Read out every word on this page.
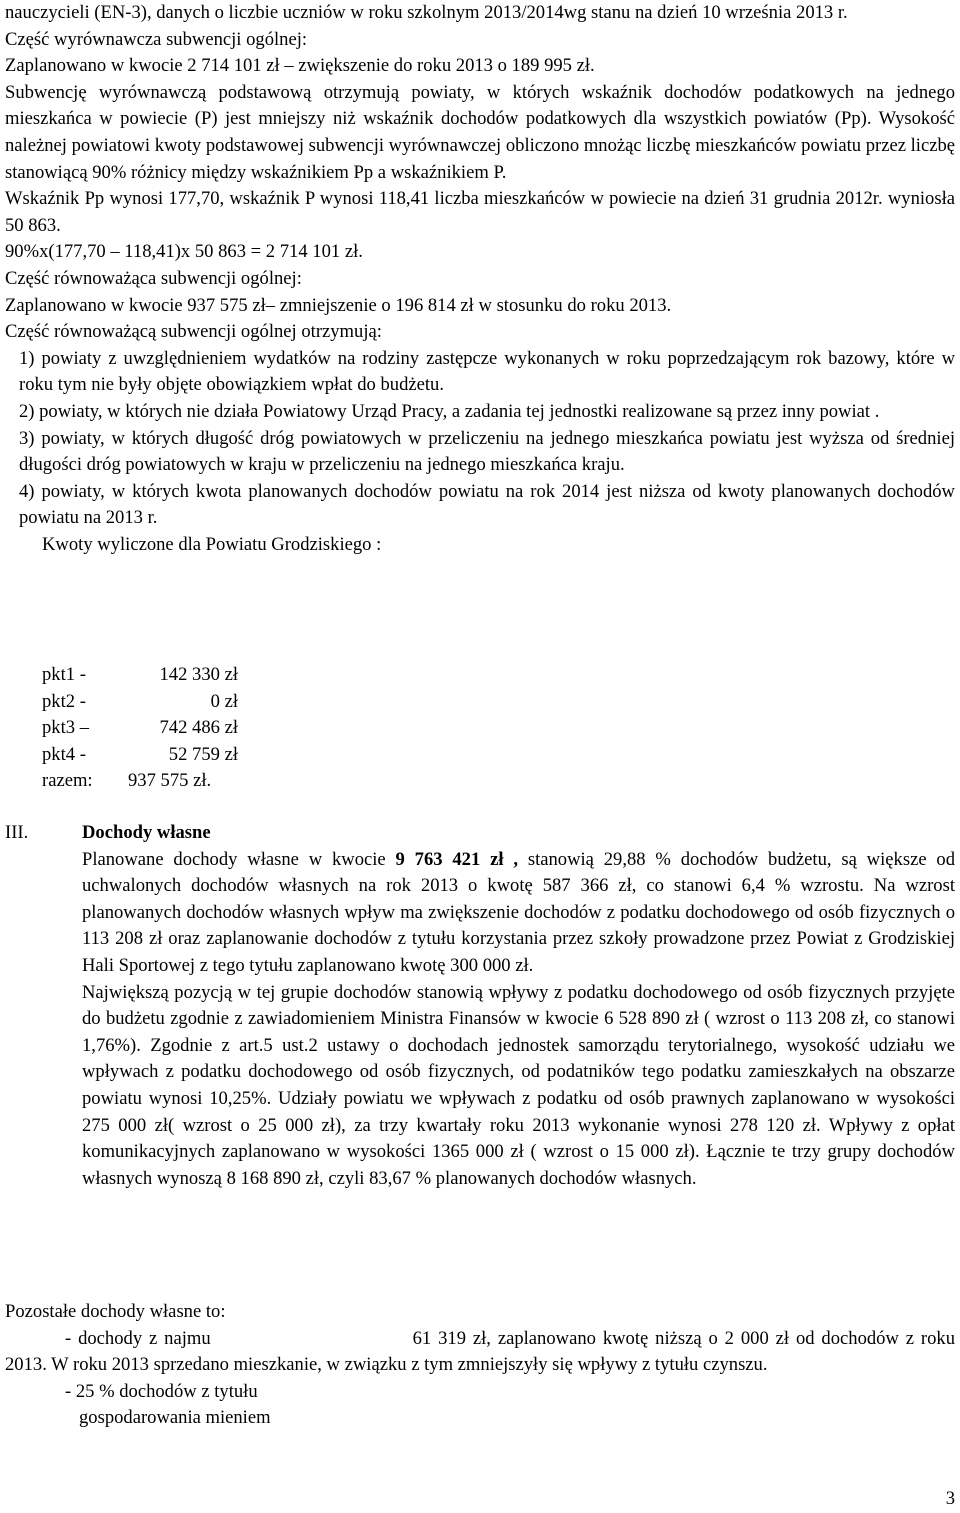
nauczycieli (EN-3), danych o liczbie uczniów w roku szkolnym 2013/2014wg stanu na dzień 10 września 2013 r.

Część wyrównawcza subwencji ogólnej:

Zaplanowano w kwocie 2 714 101 zł – zwiększenie do roku 2013 o 189 995 zł.

Subwencję wyrównawczą podstawową otrzymują powiaty, w których wskaźnik dochodów podatkowych na jednego mieszkańca w powiecie (P) jest mniejszy niż wskaźnik dochodów podatkowych dla wszystkich powiatów (Pp). Wysokość należnej powiatowi kwoty podstawowej subwencji wyrównawczej obliczono mnożąc liczbę mieszkańców powiatu przez liczbę stanowiącą 90% różnicy między wskaźnikiem Pp a wskaźnikiem P.

Wskaźnik Pp wynosi 177,70, wskaźnik P wynosi 118,41 liczba mieszkańców w powiecie na dzień 31 grudnia 2012r. wyniosła 50 863.

90%x(177,70 – 118,41)x 50 863 = 2 714 101 zł.

Część równoważąca subwencji ogólnej:

Zaplanowano w kwocie 937 575 zł– zmniejszenie o 196 814 zł w stosunku do roku 2013.

Część równoważącą subwencji ogólnej otrzymują:

1) powiaty z uwzględnieniem wydatków na rodziny zastępcze wykonanych w roku poprzedzającym rok bazowy, które w roku tym nie były objęte obowiązkiem wpłat do budżetu.

2) powiaty, w których nie działa Powiatowy Urząd Pracy, a zadania tej jednostki realizowane są przez inny powiat .

3) powiaty, w których długość dróg powiatowych w przeliczeniu na jednego mieszkańca powiatu jest wyższa od średniej długości dróg powiatowych w kraju w przeliczeniu na jednego mieszkańca kraju.

4) powiaty, w których kwota planowanych dochodów powiatu na rok 2014 jest niższa od kwoty planowanych dochodów powiatu na 2013 r.

Kwoty wyliczone dla Powiatu Grodziskiego :

pkt1 -	142 330 zł
pkt2 -	0 zł
pkt3 –	742 486 zł
pkt4 -	52 759 zł
razem:	937 575 zł.
III.	Dochody własne

Planowane dochody własne w kwocie 9 763 421 zł , stanowią 29,88 % dochodów budżetu, są większe od uchwalonych dochodów własnych na rok 2013 o kwotę 587 366 zł, co stanowi 6,4 % wzrostu. Na wzrost planowanych dochodów własnych wpływ ma zwiększenie dochodów z podatku dochodowego od osób fizycznych o 113 208 zł oraz zaplanowanie dochodów z tytułu korzystania przez szkoły prowadzone przez Powiat z Grodziskiej Hali Sportowej z tego tytułu zaplanowano kwotę 300 000 zł.

Największą pozycją w tej grupie dochodów stanowią wpływy z podatku dochodowego od osób fizycznych przyjęte do budżetu zgodnie z zawiadomieniem Ministra Finansów w kwocie 6 528 890 zł ( wzrost o 113 208 zł, co stanowi 1,76%). Zgodnie z art.5 ust.2 ustawy o dochodach jednostek samorządu terytorialnego, wysokość udziału we wpływach z podatku dochodowego od osób fizycznych, od podatników tego podatku zamieszkałych na obszarze powiatu wynosi 10,25%. Udziały powiatu we wpływach z podatku od osób prawnych zaplanowano w wysokości 275 000 zł( wzrost o 25 000 zł), za trzy kwartały roku 2013 wykonanie wynosi 278 120 zł. Wpływy z opłat komunikacyjnych zaplanowano w wysokości 1365 000 zł ( wzrost o 15 000 zł). Łącznie te trzy grupy dochodów własnych wynoszą 8 168 890 zł, czyli 83,67 % planowanych dochodów własnych.

Pozostałe dochody własne to:

- dochody z najmu	61 319 zł, zaplanowano kwotę niższą o 2 000 zł od dochodów z roku 2013. W roku 2013 sprzedano mieszkanie, w związku z tym zmniejszyły się wpływy z tytułu czynszu.

- 25 % dochodów z tytułu

gospodarowania mieniem

3
